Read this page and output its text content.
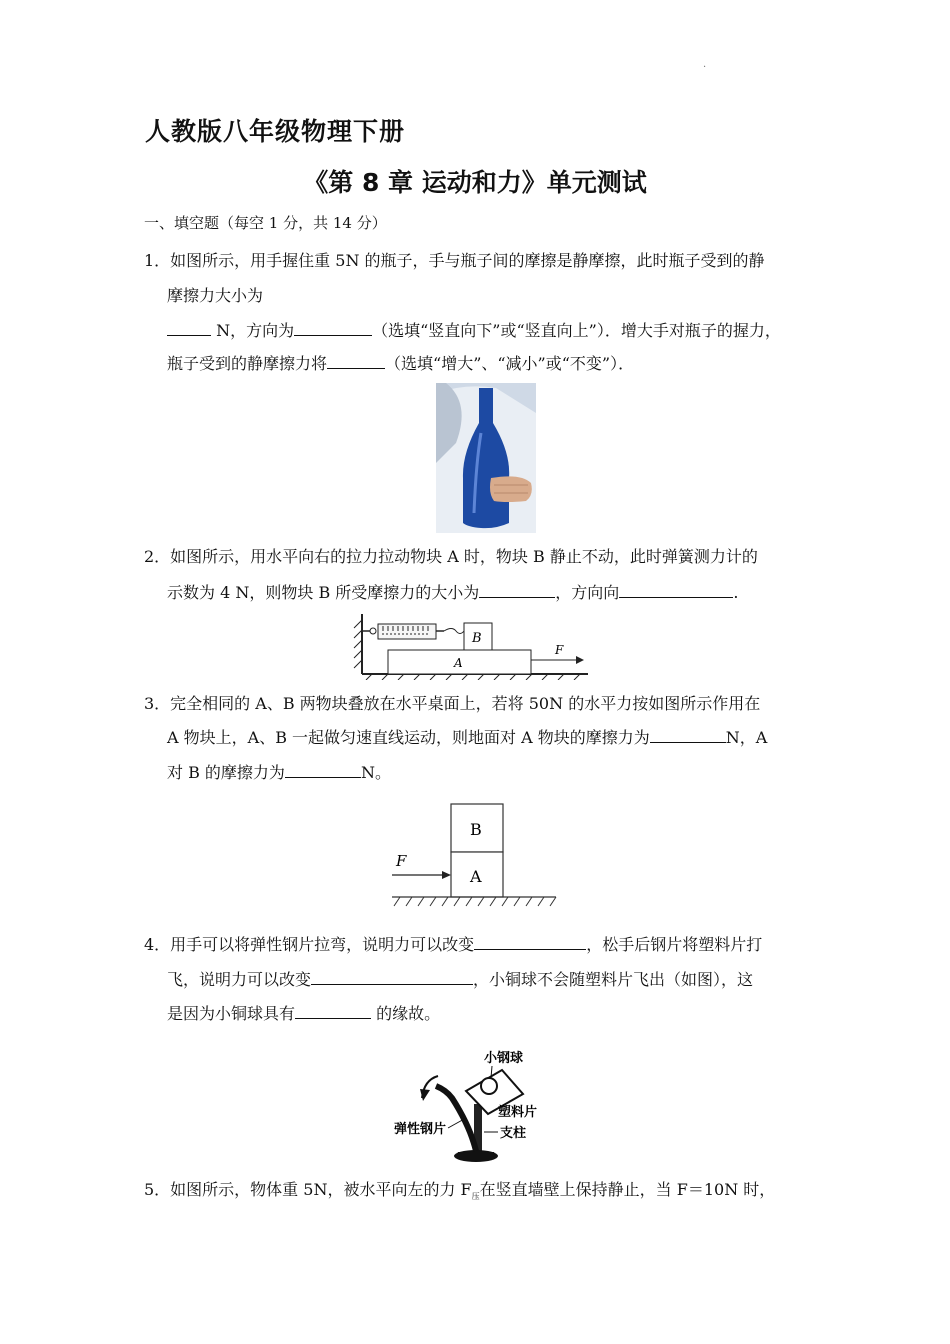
·
人教版八年级物理下册
《第 8 章 运动和力》单元测试
一、填空题（每空 1 分，共 14 分）
1．如图所示，用手握住重 5N 的瓶子，手与瓶子间的摩擦是静摩擦，此时瓶子受到的静
摩擦力大小为
N，方向为	（选填“竖直向下”或“竖直向上”）．增大手对瓶子的握力，
瓶子受到的静摩擦力将	（选填“增大”、“减小”或“不变”）．
2．如图所示，用水平向右的拉力拉动物块 A 时，物块 B 静止不动，此时弹簧测力计的
示数为 4 N，则物块 B 所受摩擦力的大小为	，方向向	.
B
A
F
3．完全相同的 A、B 两物块叠放在水平桌面上，若将 50N 的水平力按如图所示作用在
A 物块上，A、B 一起做匀速直线运动，则地面对 A 物块的摩擦力为	N，A
对 B 的摩擦力为	N。
B
A
F
4．用手可以将弹性钢片拉弯，说明力可以改变	，松手后钢片将塑料片打
飞，说明力可以改变	，小铜球不会随塑料片飞出（如图），这
是因为小铜球具有	的缘故。
小钢球
塑料片
弹性钢片	支柱
5．如图所示，物体重 5N，被水平向左的力 $F_压$在竖直墙壁上保持静止，当 F＝10N 时，
